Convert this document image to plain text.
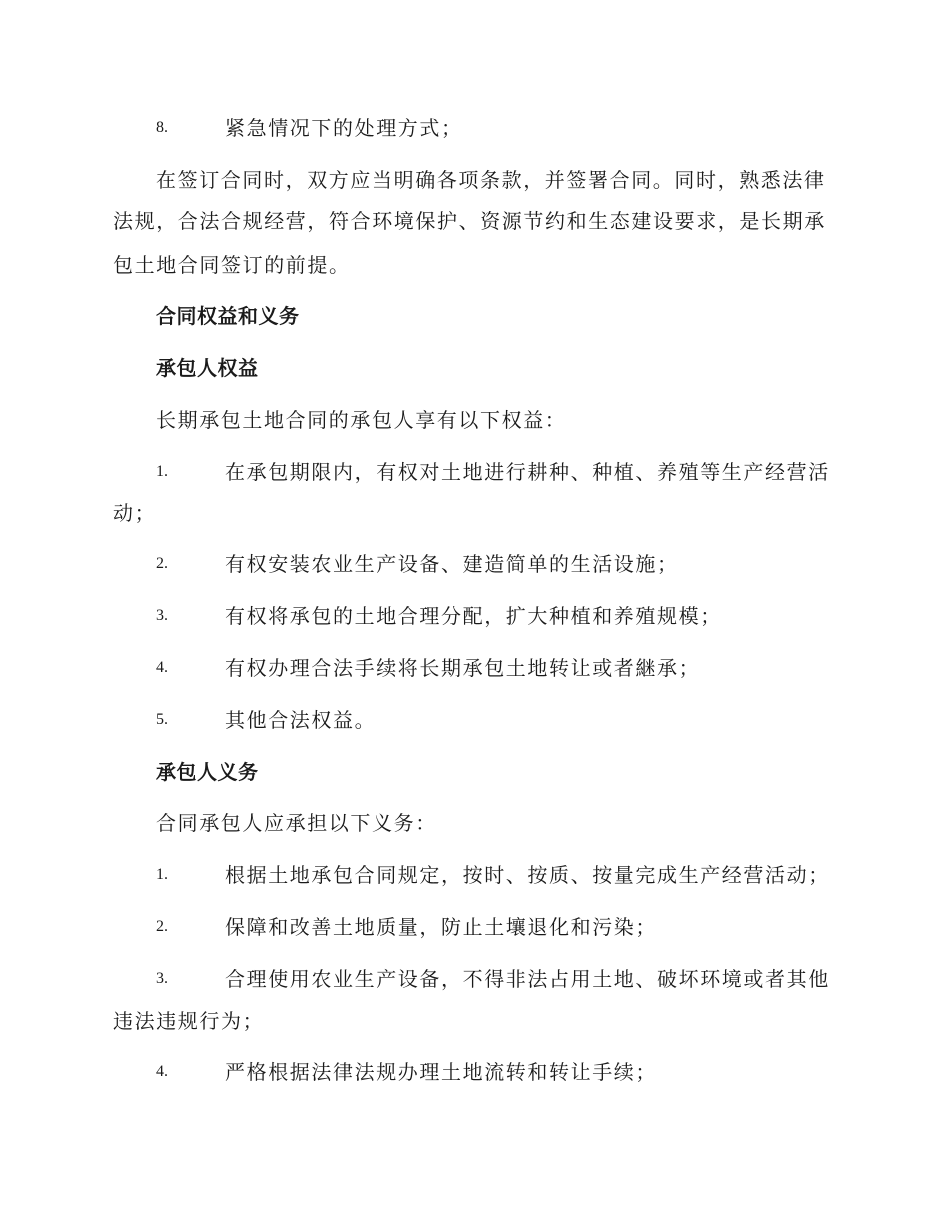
8.	紧急情况下的处理方式；
在签订合同时，双方应当明确各项条款，并签署合同。同时，熟悉法律
法规，合法合规经营，符合环境保护、资源节约和生态建设要求，是长期承
包土地合同签订的前提。
合同权益和义务
承包人权益
长期承包土地合同的承包人享有以下权益：
1.	在承包期限内，有权对土地进行耕种、种植、养殖等生产经营活
动；
2.	有权安装农业生产设备、建造简单的生活设施；
3.	有权将承包的土地合理分配，扩大种植和养殖规模；
4.	有权办理合法手续将长期承包土地转让或者継承；
5.	其他合法权益。
承包人义务
合同承包人应承担以下义务：
1.	根据土地承包合同规定，按时、按质、按量完成生产经营活动；
2.	保障和改善土地质量，防止土壤退化和污染；
3.	合理使用农业生产设备，不得非法占用土地、破坏环境或者其他
违法违规行为；
4.	严格根据法律法规办理土地流转和转让手续；
